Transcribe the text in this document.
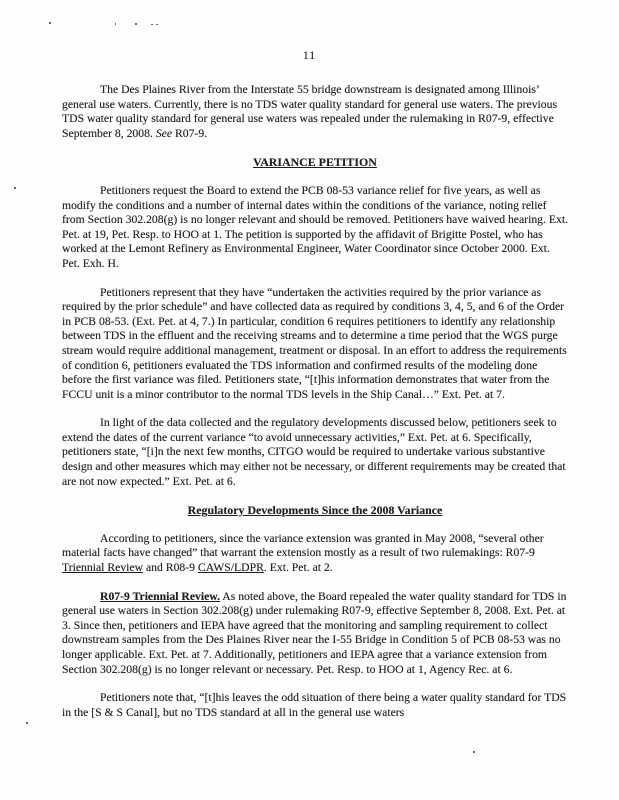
11

The Des Plaines River from the Interstate 55 bridge downstream is designated among Illinois’ general use waters. Currently, there is no TDS water quality standard for general use waters. The previous TDS water quality standard for general use waters was repealed under the rulemaking in R07-9, effective September 8, 2008. See R07-9.

VARIANCE PETITION

Petitioners request the Board to extend the PCB 08-53 variance relief for five years, as well as modify the conditions and a number of internal dates within the conditions of the variance, noting relief from Section 302.208(g) is no longer relevant and should be removed. Petitioners have waived hearing. Ext. Pet. at 19, Pet. Resp. to HOO at 1. The petition is supported by the affidavit of Brigitte Postel, who has worked at the Lemont Refinery as Environmental Engineer, Water Coordinator since October 2000. Ext. Pet. Exh. H.

Petitioners represent that they have “undertaken the activities required by the prior variance as required by the prior schedule” and have collected data as required by conditions 3, 4, 5, and 6 of the Order in PCB 08-53. (Ext. Pet. at 4, 7.) In particular, condition 6 requires petitioners to identify any relationship between TDS in the effluent and the receiving streams and to determine a time period that the WGS purge stream would require additional management, treatment or disposal. In an effort to address the requirements of condition 6, petitioners evaluated the TDS information and confirmed results of the modeling done before the first variance was filed. Petitioners state, “[t]his information demonstrates that water from the FCCU unit is a minor contributor to the normal TDS levels in the Ship Canal…” Ext. Pet. at 7.

In light of the data collected and the regulatory developments discussed below, petitioners seek to extend the dates of the current variance “to avoid unnecessary activities,” Ext. Pet. at 6. Specifically, petitioners state, “[i]n the next few months, CITGO would be required to undertake various substantive design and other measures which may either not be necessary, or different requirements may be created that are not now expected.” Ext. Pet. at 6.

Regulatory Developments Since the 2008 Variance

According to petitioners, since the variance extension was granted in May 2008, “several other material facts have changed” that warrant the extension mostly as a result of two rulemakings: R07-9 Triennial Review and R08-9 CAWS/LDPR. Ext. Pet. at 2.

R07-9 Triennial Review. As noted above, the Board repealed the water quality standard for TDS in general use waters in Section 302.208(g) under rulemaking R07-9, effective September 8, 2008. Ext. Pet. at 3. Since then, petitioners and IEPA have agreed that the monitoring and sampling requirement to collect downstream samples from the Des Plaines River near the I-55 Bridge in Condition 5 of PCB 08-53 was no longer applicable. Ext. Pet. at 7. Additionally, petitioners and IEPA agree that a variance extension from Section 302.208(g) is no longer relevant or necessary. Pet. Resp. to HOO at 1, Agency Rec. at 6.

Petitioners note that, “[t]his leaves the odd situation of there being a water quality standard for TDS in the [S & S Canal], but no TDS standard at all in the general use waters
